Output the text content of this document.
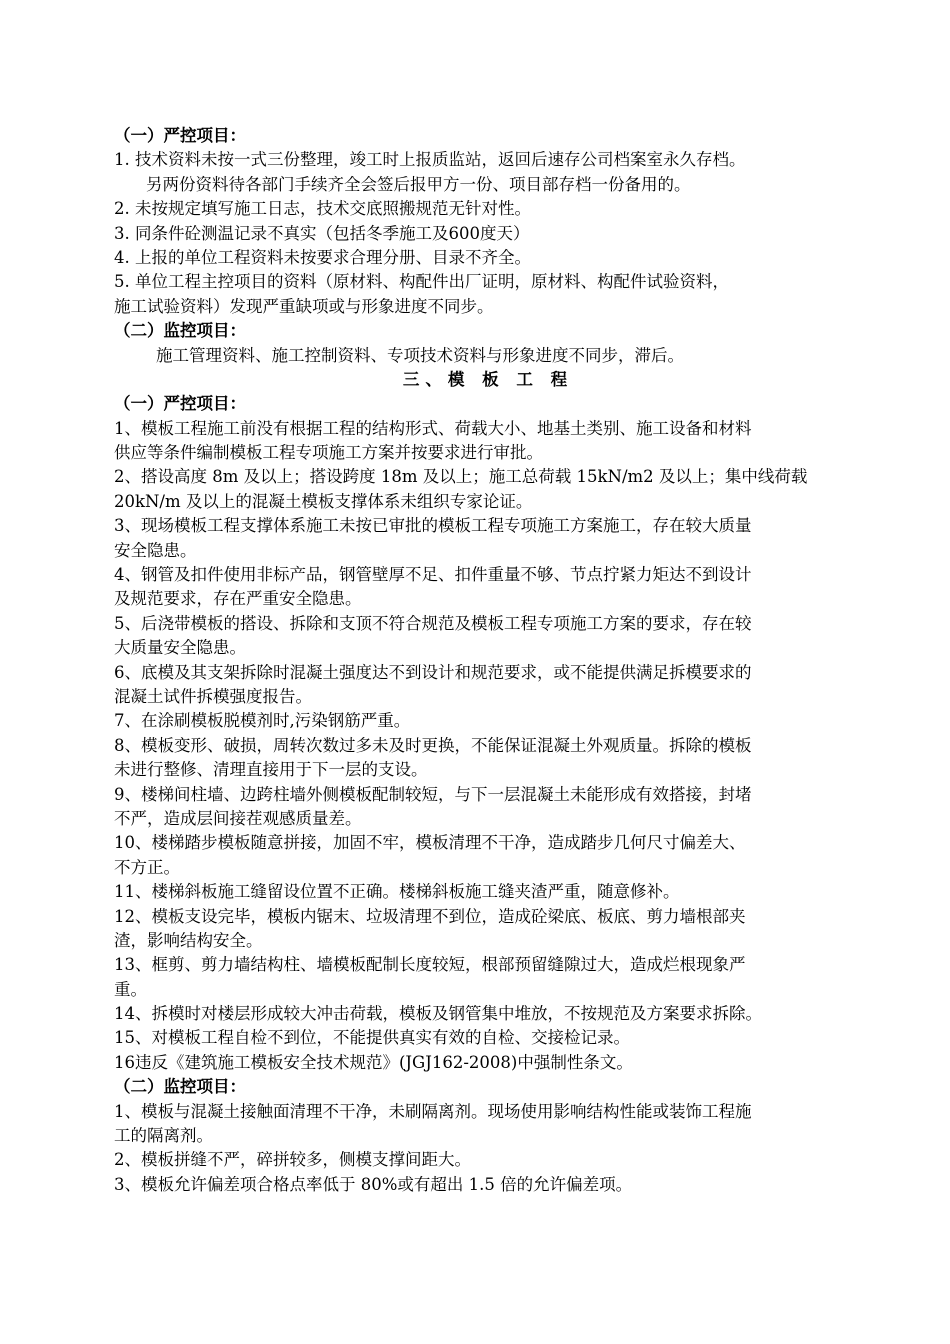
（一）严控项目：
1. 技术资料未按一式三份整理，竣工时上报质监站，返回后速存公司档案室永久存档。
另两份资料待各部门手续齐全会签后报甲方一份、项目部存档一份备用的。
2. 未按规定填写施工日志，技术交底照搬规范无针对性。
3. 同条件砼测温记录不真实（包括冬季施工及600度天）
4. 上报的单位工程资料未按要求合理分册、目录不齐全。
5. 单位工程主控项目的资料（原材料、构配件出厂证明，原材料、构配件试验资料，
施工试验资料）发现严重缺项或与形象进度不同步。
（二）监控项目：
施工管理资料、施工控制资料、专项技术资料与形象进度不同步，滞后。
三、模 板 工 程
（一）严控项目：
1、模板工程施工前没有根据工程的结构形式、荷载大小、地基土类别、施工设备和材料
供应等条件编制模板工程专项施工方案并按要求进行审批。
2、搭设高度 8m 及以上；搭设跨度 18m 及以上；施工总荷载 15kN/m2 及以上；集中线荷载
20kN/m 及以上的混凝土模板支撑体系未组织专家论证。
3、现场模板工程支撑体系施工未按已审批的模板工程专项施工方案施工，存在较大质量
安全隐患。
4、钢管及扣件使用非标产品，钢管壁厚不足、扣件重量不够、节点拧紧力矩达不到设计
及规范要求，存在严重安全隐患。
5、后浇带模板的搭设、拆除和支顶不符合规范及模板工程专项施工方案的要求，存在较
大质量安全隐患。
6、底模及其支架拆除时混凝土强度达不到设计和规范要求，或不能提供满足拆模要求的
混凝土试件拆模强度报告。
7、在涂刷模板脱模剂时,污染钢筋严重。
8、模板变形、破损，周转次数过多未及时更换，不能保证混凝土外观质量。拆除的模板
未进行整修、清理直接用于下一层的支设。
9、楼梯间柱墙、边跨柱墙外侧模板配制较短，与下一层混凝土未能形成有效搭接，封堵
不严，造成层间接茬观感质量差。
10、楼梯踏步模板随意拼接，加固不牢，模板清理不干净，造成踏步几何尺寸偏差大、
不方正。
11、楼梯斜板施工缝留设位置不正确。楼梯斜板施工缝夹渣严重，随意修补。
12、模板支设完毕，模板内锯末、垃圾清理不到位，造成砼梁底、板底、剪力墙根部夹
渣，影响结构安全。
13、框剪、剪力墙结构柱、墙模板配制长度较短，根部预留缝隙过大，造成烂根现象严
重。
14、拆模时对楼层形成较大冲击荷载，模板及钢管集中堆放，不按规范及方案要求拆除。
15、对模板工程自检不到位，不能提供真实有效的自检、交接检记录。
16违反《建筑施工模板安全技术规范》(JGJ162-2008)中强制性条文。
（二）监控项目：
1、模板与混凝土接触面清理不干净，未刷隔离剂。现场使用影响结构性能或装饰工程施
工的隔离剂。
2、模板拼缝不严，碎拼较多，侧模支撑间距大。
3、模板允许偏差项合格点率低于 80%或有超出 1.5 倍的允许偏差项。
